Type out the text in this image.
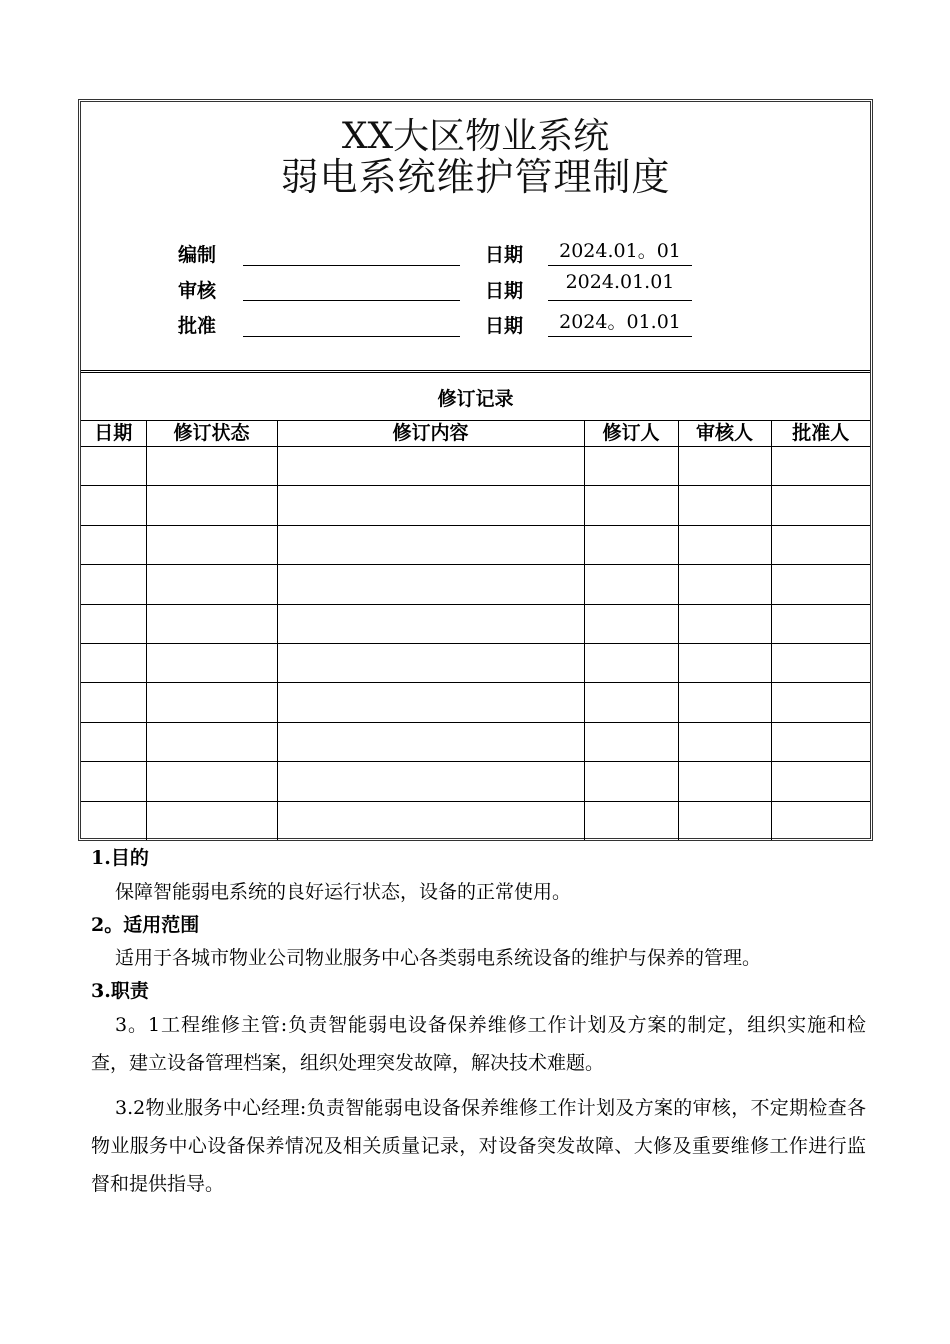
XX大区物业系统
弱电系统维护管理制度
编制	日期	2024.01。01
审核	日期	2024.01.01
批准	日期	2024。01.01
修订记录
日期	修订状态	修订内容	修订人	审核人	批准人

1.目的
保障智能弱电系统的良好运行状态，设备的正常使用。
2。适用范围
适用于各城市物业公司物业服务中心各类弱电系统设备的维护与保养的管理。
3.职责
3。1工程维修主管:负责智能弱电设备保养维修工作计划及方案的制定，组织实施和检查，建立设备管理档案，组织处理突发故障，解决技术难题。
3.2物业服务中心经理:负责智能弱电设备保养维修工作计划及方案的审核，不定期检查各物业服务中心设备保养情况及相关质量记录，对设备突发故障、大修及重要维修工作进行监督和提供指导。
